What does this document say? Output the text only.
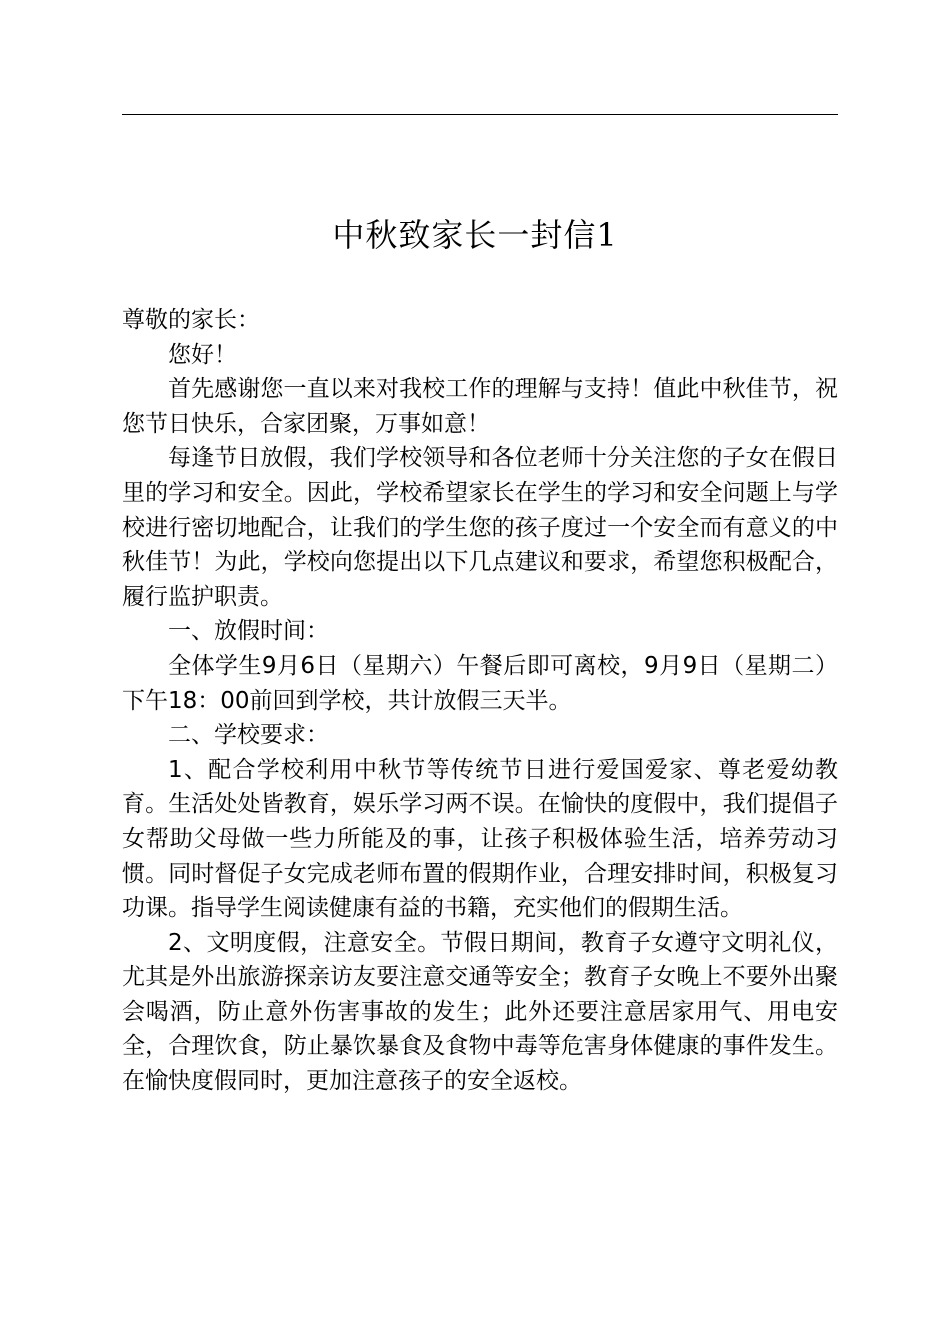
中秋致家长一封信1

尊敬的家长：

您好！

首先感谢您一直以来对我校工作的理解与支持！值此中秋佳节，祝您节日快乐，合家团聚，万事如意！

每逢节日放假，我们学校领导和各位老师十分关注您的子女在假日里的学习和安全。因此，学校希望家长在学生的学习和安全问题上与学校进行密切地配合，让我们的学生您的孩子度过一个安全而有意义的中秋佳节！为此，学校向您提出以下几点建议和要求，希望您积极配合，履行监护职责。

一、放假时间：

全体学生9月6日（星期六）午餐后即可离校，9月9日（星期二）下午18：00前回到学校，共计放假三天半。

二、学校要求：

1、配合学校利用中秋节等传统节日进行爱国爱家、尊老爱幼教育。生活处处皆教育，娱乐学习两不误。在愉快的度假中，我们提倡子女帮助父母做一些力所能及的事，让孩子积极体验生活，培养劳动习惯。同时督促子女完成老师布置的假期作业，合理安排时间，积极复习功课。指导学生阅读健康有益的书籍，充实他们的假期生活。

2、文明度假，注意安全。节假日期间，教育子女遵守文明礼仪，尤其是外出旅游探亲访友要注意交通等安全；教育子女晚上不要外出聚会喝酒，防止意外伤害事故的发生；此外还要注意居家用气、用电安全，合理饮食，防止暴饮暴食及食物中毒等危害身体健康的事件发生。在愉快度假同时，更加注意孩子的安全返校。
